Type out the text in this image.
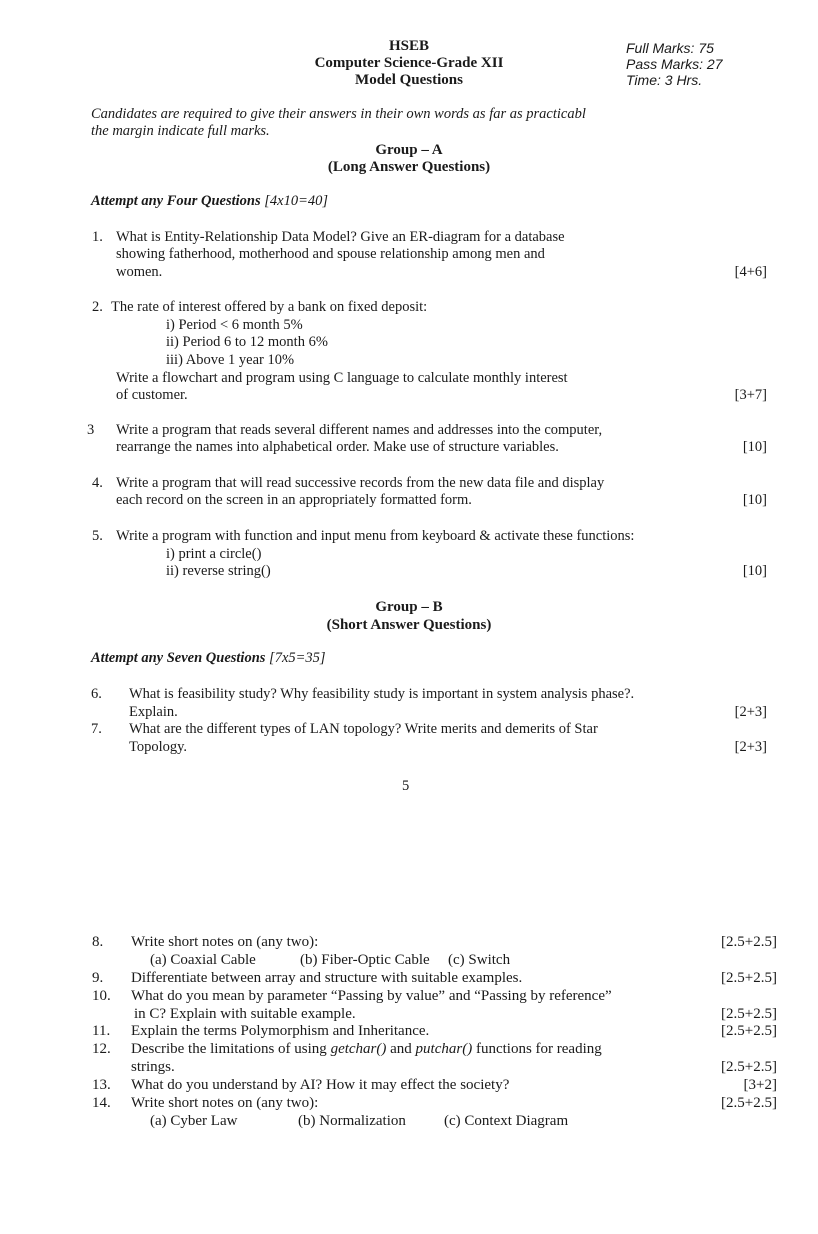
HSEB
Computer Science-Grade XII
Model Questions
Full Marks: 75
Pass Marks: 27
Time: 3 Hrs.
Candidates are required to give their answers in their own words as far as practicabl
the margin indicate full marks.
Group – A
(Long Answer Questions)
Attempt any Four Questions [4x10=40]
1. What is Entity-Relationship Data Model? Give an ER-diagram for a database
showing fatherhood, motherhood and spouse relationship among men and
women.	[4+6]
2. The rate of interest offered by a bank on fixed deposit:
i) Period < 6 month 5%
ii) Period 6 to 12 month 6%
iii) Above 1 year 10%
Write a flowchart and program using C language to calculate monthly interest
of customer.	[3+7]
3 Write a program that reads several different names and addresses into the computer,
rearrange the names into alphabetical order. Make use of structure variables.	[10]
4. Write a program that will read successive records from the new data file and display
each record on the screen in an appropriately formatted form.	[10]
5. Write a program with function and input menu from keyboard & activate these functions:
i) print a circle()
ii) reverse string()	[10]
Group – B
(Short Answer Questions)
Attempt any Seven Questions [7x5=35]
6. What is feasibility study? Why feasibility study is important in system analysis phase?.
Explain.	[2+3]
7. What are the different types of LAN topology? Write merits and demerits of Star
Topology.	[2+3]
5
8. Write short notes on (any two):	[2.5+2.5]
(a) Coaxial Cable	(b) Fiber-Optic Cable (c) Switch
9. Differentiate between array and structure with suitable examples.	[2.5+2.5]
10. What do you mean by parameter “Passing by value” and “Passing by reference”
in C? Explain with suitable example.	[2.5+2.5]
11. Explain the terms Polymorphism and Inheritance.	[2.5+2.5]
12. Describe the limitations of using getchar() and putchar() functions for reading
strings.	[2.5+2.5]
13. What do you understand by AI? How it may effect the society?	[3+2]
14. Write short notes on (any two):	[2.5+2.5]
(a) Cyber Law	(b) Normalization	(c) Context Diagram
